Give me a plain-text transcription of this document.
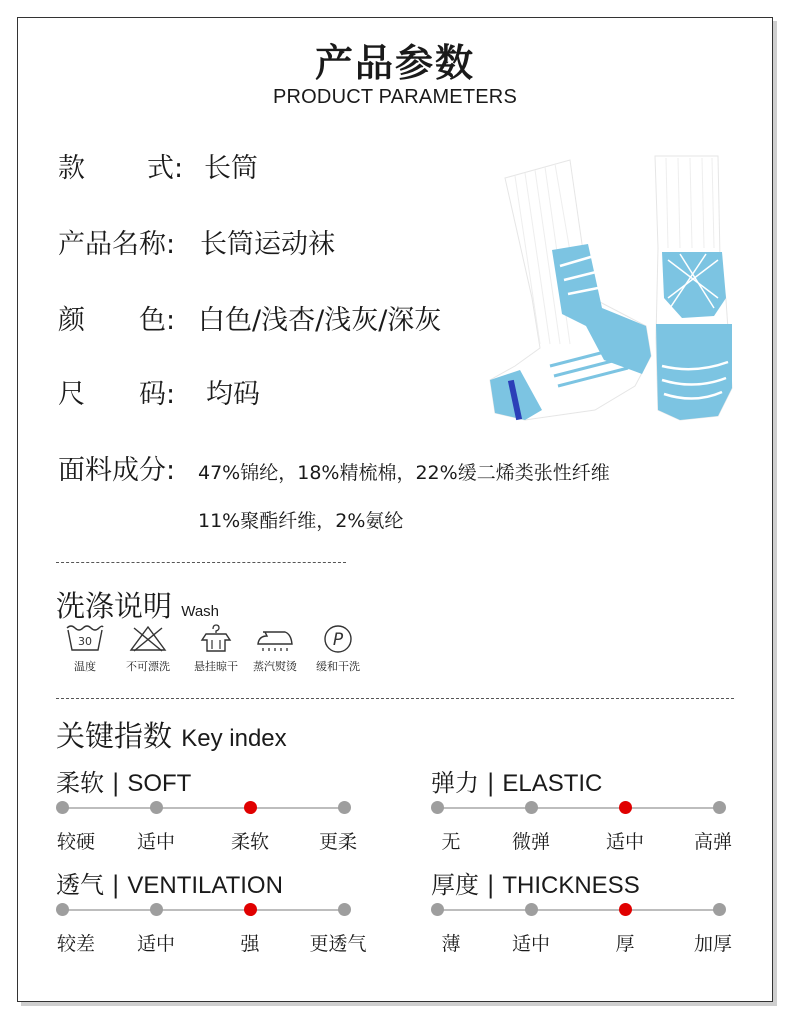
产品参数
PRODUCT PARAMETERS
款 式: 长筒
产品名称: 长筒运动袜
颜 色: 白色/浅杏/浅灰/深灰
尺 码: 均码
面料成分: 47%锦纶，18%精梳棉，22%缓二烯类张性纤维
11%聚酯纤维，2%氨纶
洗涤说明 Wash
30
温度	不可漂洗	悬挂晾干	蒸汽熨烫
P
缓和干洗
关键指数 Key index
柔软 | SOFT
较硬 适中	柔软	更柔
弹力 | ELASTIC
无	微弹	适中	高弹
透气 | VENTILATION
较差 适中	强	更透气
厚度 | THICKNESS
薄	适中	厚	加厚
